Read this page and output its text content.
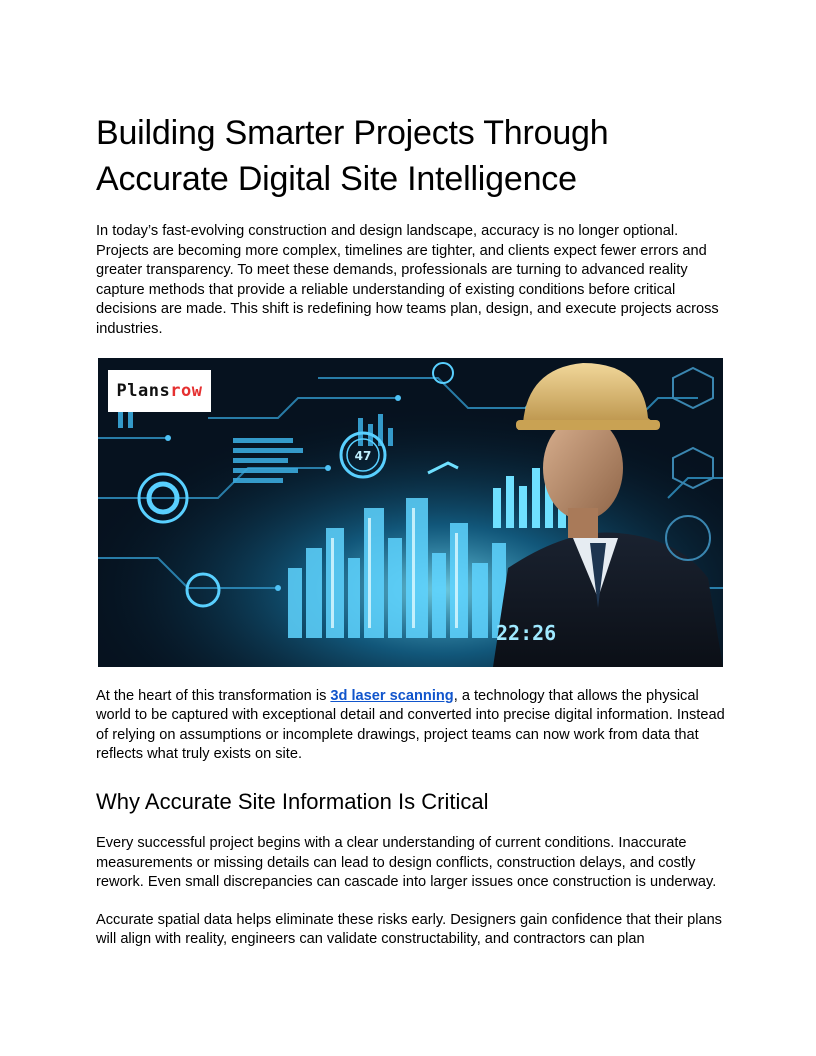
Building Smarter Projects Through Accurate Digital Site Intelligence

In today’s fast-evolving construction and design landscape, accuracy is no longer optional. Projects are becoming more complex, timelines are tighter, and clients expect fewer errors and greater transparency. To meet these demands, professionals are turning to advanced reality capture methods that provide a reliable understanding of existing conditions before critical decisions are made. This shift is redefining how teams plan, design, and execute projects across industries.

47
22:26
Plans row

At the heart of this transformation is 3d laser scanning, a technology that allows the physical world to be captured with exceptional detail and converted into precise digital information. Instead of relying on assumptions or incomplete drawings, project teams can now work from data that reflects what truly exists on site.

Why Accurate Site Information Is Critical

Every successful project begins with a clear understanding of current conditions. Inaccurate measurements or missing details can lead to design conflicts, construction delays, and costly rework. Even small discrepancies can cascade into larger issues once construction is underway.

Accurate spatial data helps eliminate these risks early. Designers gain confidence that their plans will align with reality, engineers can validate constructability, and contractors can plan
